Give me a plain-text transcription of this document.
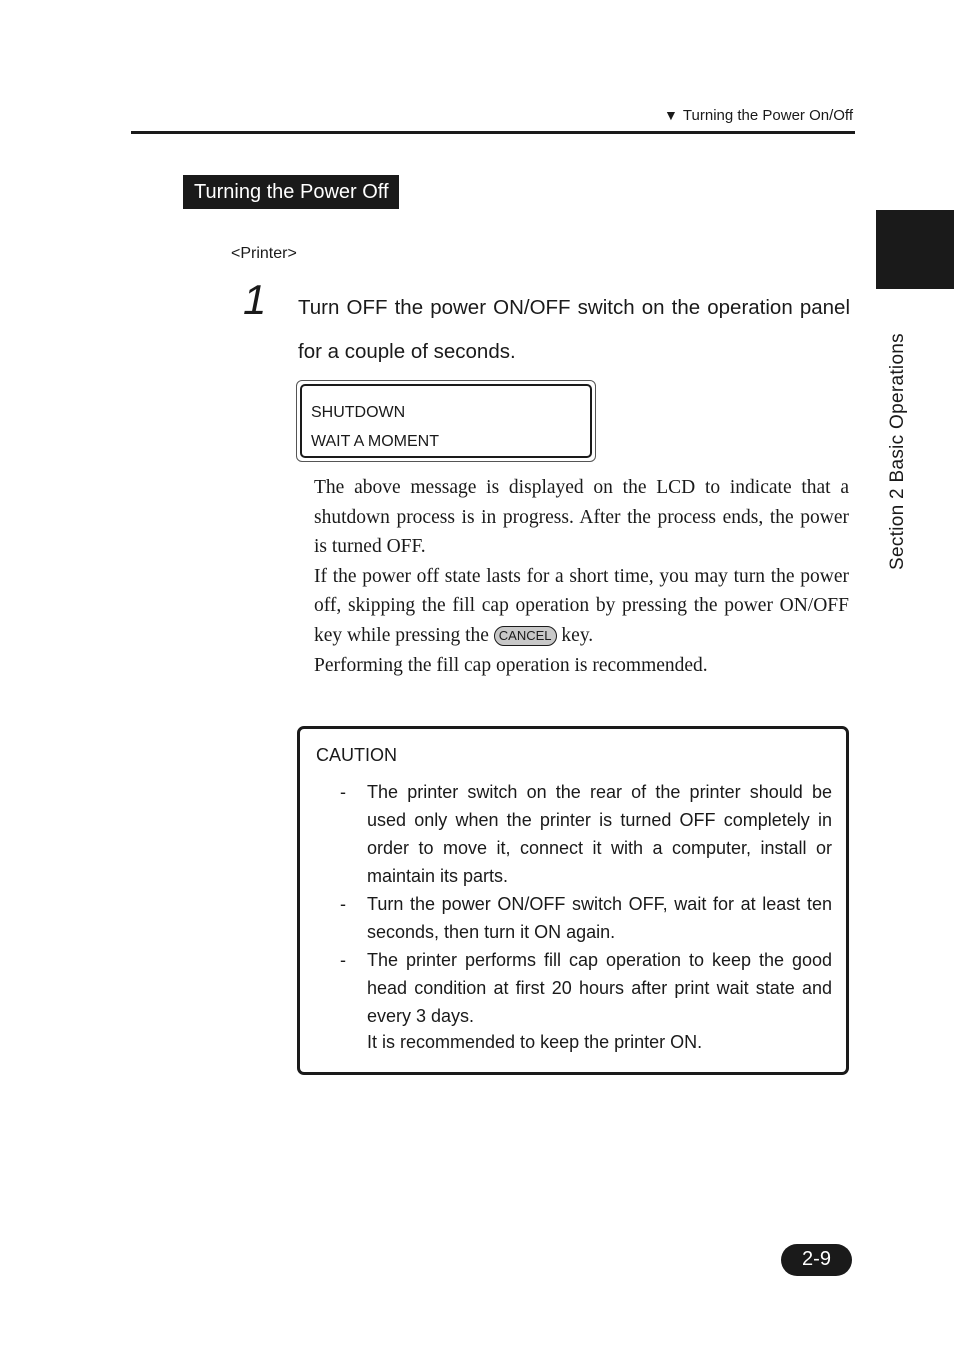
▼ Turning the Power On/Off
Section 2 Basic Operations
Turning the Power Off
<Printer>
1 Turn OFF the power ON/OFF switch on the operation panel for a couple of seconds.
SHUTDOWN
WAIT A MOMENT

The above message is displayed on the LCD to indicate that a shutdown process is in progress. After the process ends, the power is turned OFF.

If the power off state lasts for a short time, you may turn the power off, skipping the fill cap operation by pressing the power ON/OFF key while pressing the CANCEL key.

Performing the fill cap operation is recommended.

CAUTION
- The printer switch on the rear of the printer should be used only when the printer is turned OFF completely in order to move it, connect it with a computer, install or maintain its parts.
- Turn the power ON/OFF switch OFF, wait for at least ten seconds, then turn it ON again.
- The printer performs fill cap operation to keep the good head condition at first 20 hours after print wait state and every 3 days.
It is recommended to keep the printer ON.
2-9
